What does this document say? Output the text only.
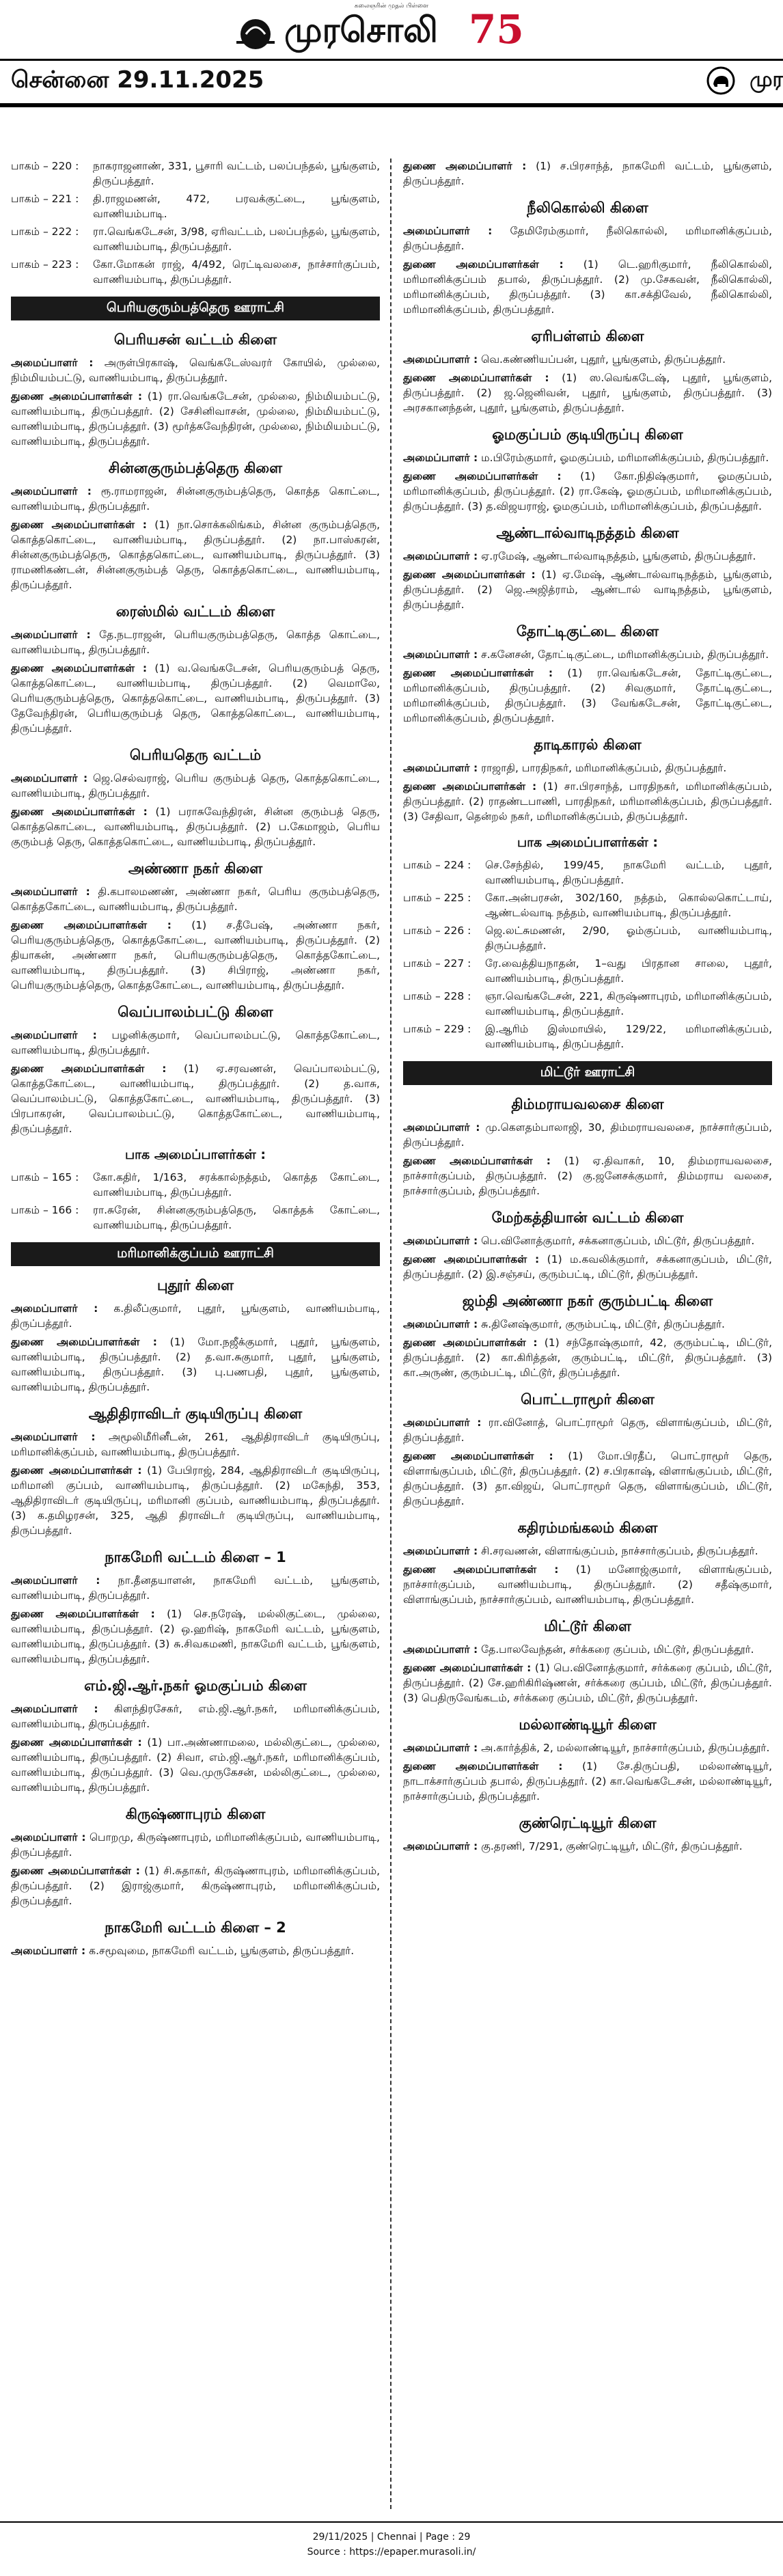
கலைஞரின் முதல் பிள்ளை
முரசொலி 75
சென்னை 29.11.2025	முர
பாகம் – 220 :	நாகராஜனாண், 331, பூசாரி வட்டம், பலப்பந்தல், பூங்குளம், திருப்பத்தூர்.
பாகம் – 221 :	தி.ராஜமணன், 472, பரவக்குட்டை, பூங்குளம், வாணியம்பாடி.
பாகம் – 222 :	ரா.வெங்கடேசன், 3/98, ஏரிவட்டம், பலப்பந்தல், பூங்குளம், வாணியம்பாடி, திருப்பத்தூர்.
பாகம் – 223 :	கோ.மோகன் ராஜ், 4/492, ரெட்டிவலசை, நாச்சார்குப்பம், வாணியம்பாடி, திருப்பத்தூர்.
பெரியகுரும்பத்தெரு ஊராட்சி
பெரியசன் வட்டம் கிளை

அமைப்பாளர் : அருள்பிரகாஷ், வெங்கடேஸ்வரர் கோயில், முல்லை, நிம்மியம்பட்டு, வாணியம்பாடி, திருப்பத்தூர்.

துணை அமைப்பாளர்கள் : (1) ரா.வெங்கடேசன், முல்லை, நிம்மியம்பட்டு, வாணியம்பாடி, திருப்பத்தூர். (2) சேசினிவாசன், முல்லை, நிம்மியம்பட்டு, வாணியம்பாடி, திருப்பத்தூர். (3) மூர்த்கவேந்திரன், முல்லை, நிம்மியம்பட்டு, வாணியம்பாடி, திருப்பத்தூர்.

சின்னகுரும்பத்தெரு கிளை

அமைப்பாளர் : ரூ.ராமராஜன், சின்னகுரும்பத்தெரு, கொத்த கொட்டை, வாணியம்பாடி, திருப்பத்தூர்.

துணை அமைப்பாளர்கள் : (1) நா.சொக்கலிங்கம், சின்ன குரும்பத்தெரு, கொத்தகொட்டை, வாணியம்பாடி, திருப்பத்தூர். (2) நா.பாஸ்கரன், சின்னகுரும்பத்தெரு, கொத்தகொட்டை, வாணியம்பாடி, திருப்பத்தூர். (3) ராமணிகண்டன், சின்னகுரும்பத் தெரு, கொத்தகொட்டை, வாணியம்பாடி, திருப்பத்தூர்.

ரைஸ்மில் வட்டம் கிளை

அமைப்பாளர் : தே.நடராஜன், பெரியகுரும்பத்தெரு, கொத்த கொட்டை, வாணியம்பாடி, திருப்பத்தூர்.

துணை அமைப்பாளர்கள் : (1) வ.வெங்கடேசன், பெரியகுரும்பத் தெரு, கொத்தகொட்டை, வாணியம்பாடி, திருப்பத்தூர். (2) வெமாலே, பெரியகுரும்பத்தெரு, கொத்தகொட்டை, வாணியம்பாடி, திருப்பத்தூர். (3) தேவேந்திரன், பெரியகுரும்பத் தெரு, கொத்தகொட்டை, வாணியம்பாடி, திருப்பத்தூர்.

பெரியதெரு வட்டம்

அமைப்பாளர் : ஜெ.செல்வராஜ், பெரிய குரும்பத் தெரு, கொத்தகொட்டை, வாணியம்பாடி, திருப்பத்தூர்.

துணை அமைப்பாளர்கள் : (1) பராசுவேந்திரன், சின்ன குரும்பத் தெரு, கொத்தகொட்டை, வாணியம்பாடி, திருப்பத்தூர். (2) ப.கேமாஜம், பெரிய குரும்பத் தெரு, கொத்தகொட்டை, வாணியம்பாடி, திருப்பத்தூர்.

அண்ணா நகர் கிளை

அமைப்பாளர் : தி.கபாலமணண், அண்ணா நகர், பெரிய குரும்பத்தெரு, கொத்தகோட்டை, வாணியம்பாடி, திருப்பத்தூர்.

துணை அமைப்பாளர்கள் : (1) ச.தீபேஷ், அண்ணா நகர், பெரியகுரும்பத்தெரு, கொத்தகோட்டை, வாணியம்பாடி, திருப்பத்தூர். (2) தியாகன், அண்ணா நகர், பெரியகுரும்பத்தெரு, கொத்தகோட்டை, வாணியம்பாடி, திருப்பத்தூர். (3) சிபிராஜ், அண்ணா நகர், பெரியகுரும்பத்தெரு, கொத்தகோட்டை, வாணியம்பாடி, திருப்பத்தூர்.

வெப்பாலம்பட்டு கிளை

அமைப்பாளர் : பழனிக்குமார், வெப்பாலம்பட்டு, கொத்தகோட்டை, வாணியம்பாடி, திருப்பத்தூர்.

துணை அமைப்பாளர்கள் : (1) ஏ.சரவணன், வெப்பாலம்பட்டு, கொத்தகோட்டை, வாணியம்பாடி, திருப்பத்தூர். (2) த.வாசு, வெப்பாலம்பட்டு, கொத்தகோட்டை, வாணியம்பாடி, திருப்பத்தூர். (3) பிரபாகரன், வெப்பாலம்பட்டு, கொத்தகோட்டை, வாணியம்பாடி, திருப்பத்தூர்.

பாக அமைப்பாளர்கள் :
பாகம் – 165 :	கோ.கதிர், 1/163, சரக்கால்நத்தம், கொத்த கோட்டை, வாணியம்பாடி, திருப்பத்தூர்.
பாகம் – 166 :	ரா.சுரேன், சின்னகுரும்பத்தெரு, கொத்தக் கோட்டை, வாணியம்பாடி, திருப்பத்தூர்.
மரிமானிக்குப்பம் ஊராட்சி
புதூர் கிளை

அமைப்பாளர் : க.திலீப்குமார், புதூர், பூங்குளம், வாணியம்பாடி, திருப்பத்தூர்.

துணை அமைப்பாளர்கள் : (1) மோ.நஜீக்குமார், புதூர், பூங்குளம், வாணியம்பாடி, திருப்பத்தூர். (2) த.வா.சுகுமார், புதூர், பூங்குளம், வாணியம்பாடி, திருப்பத்தூர். (3) பு.பணபதி, புதூர், பூங்குளம், வாணியம்பாடி, திருப்பத்தூர்.

ஆதிதிராவிடர் குடியிருப்பு கிளை

அமைப்பாளர் : அமூலிமீரினீடன், 261, ஆதிதிராவிடர் குடியிருப்பு, மரிமானிக்குப்பம், வாணியம்பாடி, திருப்பத்தூர்.

துணை அமைப்பாளர்கள் : (1) பேபிராஜ், 284, ஆதிதிராவிடர் குடியிருப்பு, மரிமானி குப்பம், வாணியம்பாடி, திருப்பத்தூர். (2) மகேந்தி, 353, ஆதிதிராவிடர் குடியிருப்பு, மரிமானி குப்பம், வாணியம்பாடி, திருப்பத்தூர். (3) க.தமிழரசன், 325, ஆதி திராவிடர் குடியிருப்பு, வாணியம்பாடி, திருப்பத்தூர்.

நாகமேரி வட்டம் கிளை – 1

அமைப்பாளர் : நா.தீனதயாளன், நாகமேரி வட்டம், பூங்குளம், வாணியம்பாடி, திருப்பத்தூர்.

துணை அமைப்பாளர்கள் : (1) செ.நரேஷ், மல்லிகுட்டை, முல்லை, வாணியம்பாடி, திருப்பத்தூர். (2) ஒ.ஹரிஷ், நாகமேரி வட்டம், பூங்குளம், வாணியம்பாடி, திருப்பத்தூர். (3) சு.சிவகமணி, நாகமேரி வட்டம், பூங்குளம், வாணியம்பாடி, திருப்பத்தூர்.

எம்.ஜி.ஆர்.நகர் ஓமகுப்பம் கிளை

அமைப்பாளர் : கிளந்திரசேகர், எம்.ஜி.ஆர்.நகர், மரிமானிக்குப்பம், வாணியம்பாடி, திருப்பத்தூர்.

துணை அமைப்பாளர்கள் : (1) பா.அண்ணாமலை, மல்லிகுட்டை, முல்லை, வாணியம்பாடி, திருப்பத்தூர். (2) சிவா, எம்.ஜி.ஆர்.நகர், மரிமானிக்குப்பம், வாணியம்பாடி, திருப்பத்தூர். (3) வெ.முருகேசன், மல்லிகுட்டை, முல்லை, வாணியம்பாடி, திருப்பத்தூர்.

கிருஷ்ணாபுரம் கிளை

அமைப்பாளர் : பொறமு, கிருஷ்ணாபுரம், மரிமானிக்குப்பம், வாணியம்பாடி, திருப்பத்தூர்.

துணை அமைப்பாளர்கள் : (1) சி.சுதாகர், கிருஷ்ணாபுரம், மரிமானிக்குப்பம், திருப்பத்தூர். (2) இராஜ்குமார், கிருஷ்ணாபுரம், மரிமானிக்குப்பம், திருப்பத்தூர்.

நாகமேரி வட்டம் கிளை – 2

அமைப்பாளர் : க.சமூவுமை, நாகமேரி வட்டம், பூங்குளம், திருப்பத்தூர்.

துணை அமைப்பாளர் : (1) ச.பிரசாந்த், நாகமேரி வட்டம், பூங்குளம், திருப்பத்தூர்.

நீலிகொல்லி கிளை

அமைப்பாளர் : தேமிரேம்குமார், நீலிகொல்லி, மரிமானிக்குப்பம், திருப்பத்தூர்.

துணை அமைப்பாளர்கள் : (1) டெ.ஹரிகுமார், நீலிகொல்லி, மரிமானிக்குப்பம் தபால், திருப்பத்தூர். (2) மு.சேகவன், நீலிகொல்லி, மரிமானிக்குப்பம், திருப்பத்தூர். (3) கா.சக்திவேல், நீலிகொல்லி, மரிமானிக்குப்பம், திருப்பத்தூர்.

ஏரிபள்ளம் கிளை

அமைப்பாளர் : வெ.கண்ணியப்பன், புதூர், பூங்குளம், திருப்பத்தூர்.

துணை அமைப்பாளர்கள் : (1) ஸ.வெங்கடேஷ், புதூர், பூங்குளம், திருப்பத்தூர். (2) ஜ.ஜெனிவன், புதூர், பூங்குளம், திருப்பத்தூர். (3) அரசகானந்தன், புதூர், பூங்குளம், திருப்பத்தூர்.

ஓமகுப்பம் குடியிருப்பு கிளை

அமைப்பாளர் : ம.பிரேம்குமார், ஓமகுப்பம், மரிமானிக்குப்பம், திருப்பத்தூர்.

துணை அமைப்பாளர்கள் : (1) கோ.நிதிஷ்குமார், ஓமகுப்பம், மரிமானிக்குப்பம், திருப்பத்தூர். (2) ரா.கேஷ், ஓமகுப்பம், மரிமானிக்குப்பம், திருப்பத்தூர். (3) த.விஜயராஜ், ஓமகுப்பம், மரிமானிக்குப்பம், திருப்பத்தூர்.

ஆண்டால்வாடிநத்தம் கிளை

அமைப்பாளர் : ஏ.ரமேஷ், ஆண்டால்வாடிநத்தம், பூங்குளம், திருப்பத்தூர்.

துணை அமைப்பாளர்கள் : (1) ஏ.மேஷ், ஆண்டால்வாடிநத்தம், பூங்குளம், திருப்பத்தூர். (2) ஜெ.அஜித்ராம், ஆண்டால் வாடிநத்தம், பூங்குளம், திருப்பத்தூர்.

தோட்டிகுட்டை கிளை

அமைப்பாளர் : ச.கனேசன், தோட்டிகுட்டை, மரிமானிக்குப்பம், திருப்பத்தூர்.

துணை அமைப்பாளர்கள் : (1) ரா.வெங்கடேசன், தோட்டிகுட்டை, மரிமானிக்குப்பம், திருப்பத்தூர். (2) சிவகுமார், தோட்டிகுட்டை, மரிமானிக்குப்பம், திருப்பத்தூர். (3) வேங்கடேசன், தோட்டிகுட்டை, மரிமானிக்குப்பம், திருப்பத்தூர்.

தாடிகாரல் கிளை

அமைப்பாளர் : ராஜாதி, பாரதிநகர், மரிமானிக்குப்பம், திருப்பத்தூர்.

துணை அமைப்பாளர்கள் : (1) சா.பிரசாந்த், பாரதிநகர், மரிமானிக்குப்பம், திருப்பத்தூர். (2) ராதண்டபாணி, பாரதிநகர், மரிமானிக்குப்பம், திருப்பத்தூர். (3) சேதிவா, தென்றல் நகர், மரிமானிக்குப்பம், திருப்பத்தூர்.

பாக அமைப்பாளர்கள் :
பாகம் – 224 :	செ.சேந்தில், 199/45, நாகமேரி வட்டம், புதூர், வாணியம்பாடி, திருப்பத்தூர்.
பாகம் – 225 :	கோ.அன்பரசன், 302/160, நத்தம், கொல்லகொட்டாய், ஆண்டல்வாடி நத்தம், வாணியம்பாடி, திருப்பத்தூர்.
பாகம் – 226 :	ஜெ.லட்சுமணன், 2/90, ஓம்குப்பம், வாணியம்பாடி, திருப்பத்தூர்.
பாகம் – 227 :	ரே.வைத்தியநாதன், 1–வது பிரதான சாலை, புதூர், வாணியம்பாடி, திருப்பத்தூர்.
பாகம் – 228 :	ஞா.வெங்கடேசன், 221, கிருஷ்ணாபுரம், மரிமானிக்குப்பம், வாணியம்பாடி, திருப்பத்தூர்.
பாகம் – 229 :	இ.ஆரிம் இஸ்மாயில், 129/22, மரிமானிக்குப்பம், வாணியம்பாடி, திருப்பத்தூர்.
மிட்டூர் ஊராட்சி
திம்மராயவலசை கிளை

அமைப்பாளர் : மு.கௌதம்பாலாஜி, 30, திம்மராயவலசை, நாச்சார்குப்பம், திருப்பத்தூர்.

துணை அமைப்பாளர்கள் : (1) ஏ.திவாகர், 10, திம்மராயவலசை, நாச்சார்குப்பம், திருப்பத்தூர். (2) கு.ஜனேசக்குமார், திம்மராய வலசை, நாச்சார்குப்பம், திருப்பத்தூர்.

மேற்கத்தியான் வட்டம் கிளை

அமைப்பாளர் : பெ.வினோத்குமார், சக்கனாகுப்பம், மிட்டூர், திருப்பத்தூர்.

துணை அமைப்பாளர்கள் : (1) ம.கவலிக்குமார், சக்கனாகுப்பம், மிட்டூர், திருப்பத்தூர். (2) இ.சஞ்சய், குரும்பட்டி, மிட்டூர், திருப்பத்தூர்.

ஜம்தி அண்ணா நகர் குரும்பட்டி கிளை

அமைப்பாளர் : சு.தினேஷ்குமார், குரும்பட்டி, மிட்டூர், திருப்பத்தூர்.

துணை அமைப்பாளர்கள் : (1) சந்தோஷ்குமார், 42, குரும்பட்டி, மிட்டூர், திருப்பத்தூர். (2) கா.கிரித்தன், குரும்பட்டி, மிட்டூர், திருப்பத்தூர். (3) கா.அருண், குரும்பட்டி, மிட்டூர், திருப்பத்தூர்.

பொட்டராமூர் கிளை

அமைப்பாளர் : ரா.வினோத், பொட்ராமூர் தெரு, விளாங்குப்பம், மிட்டூர், திருப்பத்தூர்.

துணை அமைப்பாளர்கள் : (1) மோ.பிரதீப், பொட்ராமூர் தெரு, விளாங்குப்பம், மிட்டூர், திருப்பத்தூர். (2) ச.பிரகாஷ், விளாங்குப்பம், மிட்டூர், திருப்பத்தூர். (3) தா.விஜய், பொட்ராமூர் தெரு, விளாங்குப்பம், மிட்டூர், திருப்பத்தூர்.

கதிரம்மங்கலம் கிளை

அமைப்பாளர் : சி.சரவணன், விளாங்குப்பம், நாச்சார்குப்பம், திருப்பத்தூர்.

துணை அமைப்பாளர்கள் : (1) மனோஜ்குமார், விளாங்குப்பம், நாச்சார்குப்பம், வாணியம்பாடி, திருப்பத்தூர். (2) சதீஷ்குமார், விளாங்குப்பம், நாச்சார்குப்பம், வாணியம்பாடி, திருப்பத்தூர்.

மிட்டூர் கிளை

அமைப்பாளர் : தே.பாலவேந்தன், சர்க்கரை குப்பம், மிட்டூர், திருப்பத்தூர்.

துணை அமைப்பாளர்கள் : (1) பெ.வினோத்குமார், சர்க்கரை குப்பம், மிட்டூர், திருப்பத்தூர். (2) சே.ஹரிகிரிஷ்ணன், சர்க்கரை குப்பம், மிட்டூர், திருப்பத்தூர். (3) பெதிருவேங்கடம், சர்க்கரை குப்பம், மிட்டூர், திருப்பத்தூர்.

மல்லாண்டியூர் கிளை

அமைப்பாளர் : அ.கார்த்திக், 2, மல்லாண்டியூர், நாச்சார்குப்பம், திருப்பத்தூர்.

துணை அமைப்பாளர்கள் : (1) சே.திருப்பதி, மல்லாண்டியூர், நாடாக்சார்குப்பம் தபால், திருப்பத்தூர். (2) கா.வெங்கடேசன், மல்லாண்டியூர், நாச்சார்குப்பம், திருப்பத்தூர்.

குண்ரெட்டியூர் கிளை

அமைப்பாளர் : கு.தரணி, 7/291, குண்ரெட்டியூர், மிட்டூர், திருப்பத்தூர்.

29/11/2025 | Chennai | Page : 29
Source : https://epaper.murasoli.in/
